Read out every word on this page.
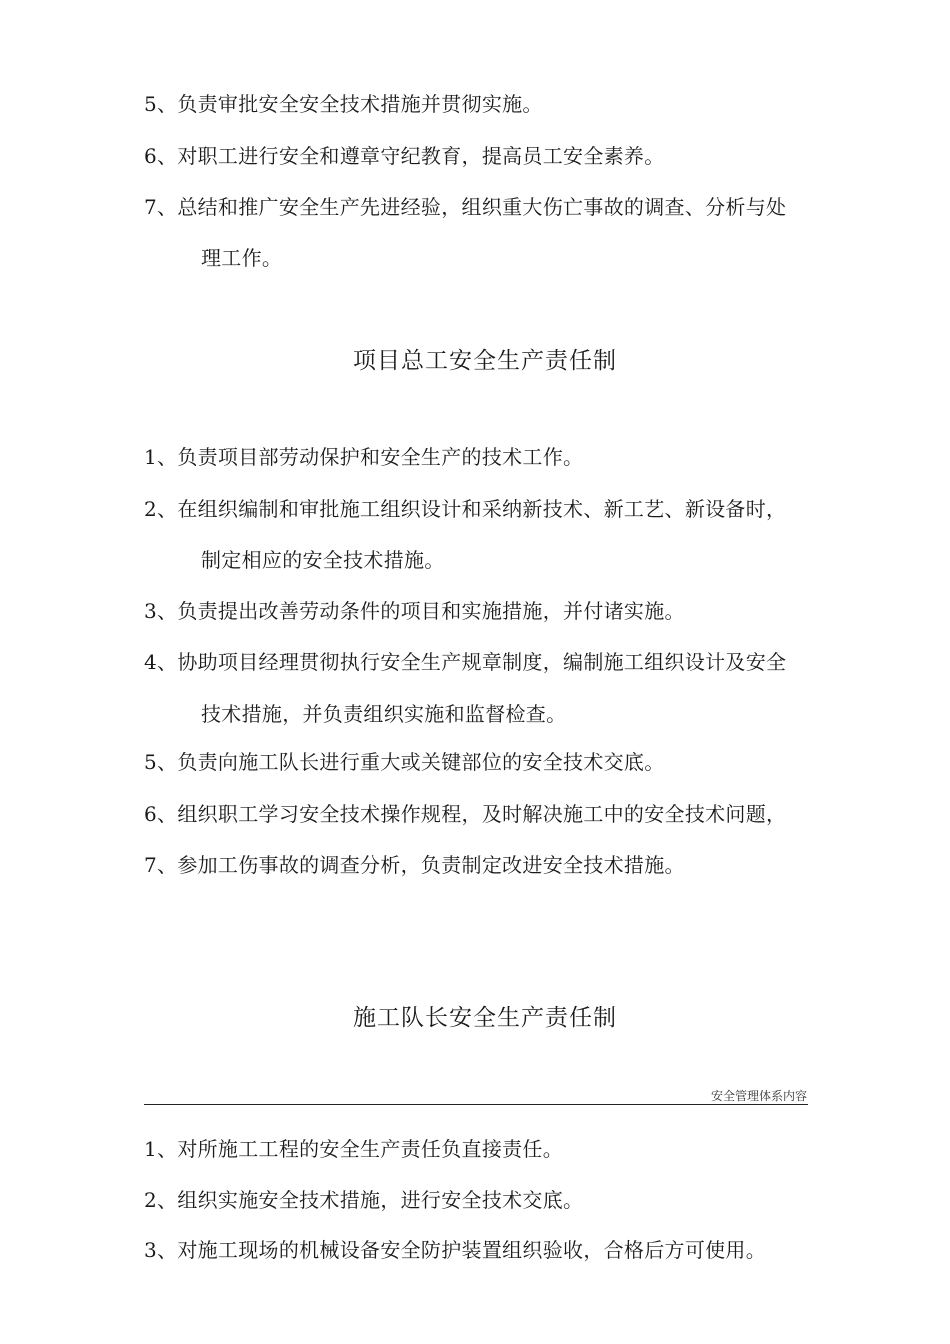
5、负责审批安全安全技术措施并贯彻实施。
6、对职工进行安全和遵章守纪教育，提高员工安全素养。
7、总结和推广安全生产先进经验，组织重大伤亡事故的调查、分析与处
理工作。
项目总工安全生产责任制
1、负责项目部劳动保护和安全生产的技术工作。
2、在组织编制和审批施工组织设计和采纳新技术、新工艺、新设备时，
制定相应的安全技术措施。
3、负责提出改善劳动条件的项目和实施措施，并付诸实施。
4、协助项目经理贯彻执行安全生产规章制度，编制施工组织设计及安全
技术措施，并负责组织实施和监督检查。
5、负责向施工队长进行重大或关键部位的安全技术交底。
6、组织职工学习安全技术操作规程，及时解决施工中的安全技术问题，
7、参加工伤事故的调查分析，负责制定改进安全技术措施。
施工队长安全生产责任制
安全管理体系内容
1、对所施工工程的安全生产责任负直接责任。
2、组织实施安全技术措施，进行安全技术交底。
3、对施工现场的机械设备安全防护装置组织验收，合格后方可使用。
